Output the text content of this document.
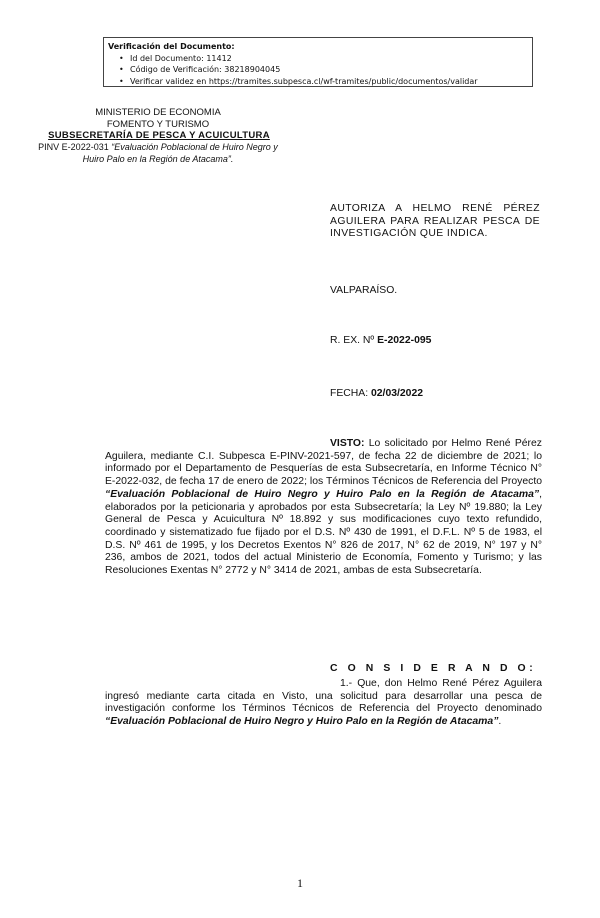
Verificación del Documento:
• Id del Documento: 11412
• Código de Verificación: 38218904045
• Verificar validez en https://tramites.subpesca.cl/wf-tramites/public/documentos/validar
MINISTERIO DE ECONOMIA
FOMENTO Y TURISMO
SUBSECRETARÍA DE PESCA Y ACUICULTURA
PINV E-2022-031 “Evaluación Poblacional de Huiro Negro y Huiro Palo en la Región de Atacama”.
AUTORIZA A HELMO RENÉ PÉREZ AGUILERA PARA REALIZAR PESCA DE INVESTIGACIÓN QUE INDICA.
VALPARAÍSO.
R. EX. Nº E-2022-095
FECHA: 02/03/2022
VISTO: Lo solicitado por Helmo René Pérez Aguilera, mediante C.I. Subpesca E-PINV-2021-597, de fecha 22 de diciembre de 2021; lo informado por el Departamento de Pesquerías de esta Subsecretaría, en Informe Técnico N° E-2022-032, de fecha 17 de enero de 2022; los Términos Técnicos de Referencia del Proyecto “Evaluación Poblacional de Huiro Negro y Huiro Palo en la Región de Atacama”, elaborados por la peticionaria y aprobados por esta Subsecretaría; la Ley Nº 19.880; la Ley General de Pesca y Acuicultura Nº 18.892 y sus modificaciones cuyo texto refundido, coordinado y sistematizado fue fijado por el D.S. Nº 430 de 1991, el D.F.L. Nº 5 de 1983, el D.S. Nº 461 de 1995, y los Decretos Exentos N° 826 de 2017, N° 62 de 2019, N° 197 y N° 236, ambos de 2021, todos del actual Ministerio de Economía, Fomento y Turismo; y las Resoluciones Exentas N° 2772 y N° 3414 de 2021, ambas de esta Subsecretaría.
C O N S I D E R A N D O:
1.- Que, don Helmo René Pérez Aguilera ingresó mediante carta citada en Visto, una solicitud para desarrollar una pesca de investigación conforme los Términos Técnicos de Referencia del Proyecto denominado “Evaluación Poblacional de Huiro Negro y Huiro Palo en la Región de Atacama”.
1
